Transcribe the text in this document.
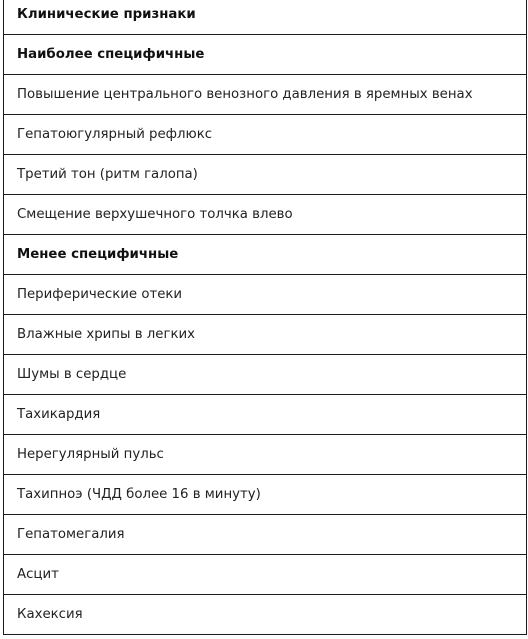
Клинические признаки
Наиболее специфичные
Повышение центрального венозного давления в яремных венах
Гепатоюгулярный рефлюкс
Третий тон (ритм галопа)
Смещение верхушечного толчка влево
Менее специфичные
Периферические отеки
Влажные хрипы в легких
Шумы в сердце
Тахикардия
Нерегулярный пульс
Тахипноэ (ЧДД более 16 в минуту)
Гепатомегалия
Асцит
Кахексия
